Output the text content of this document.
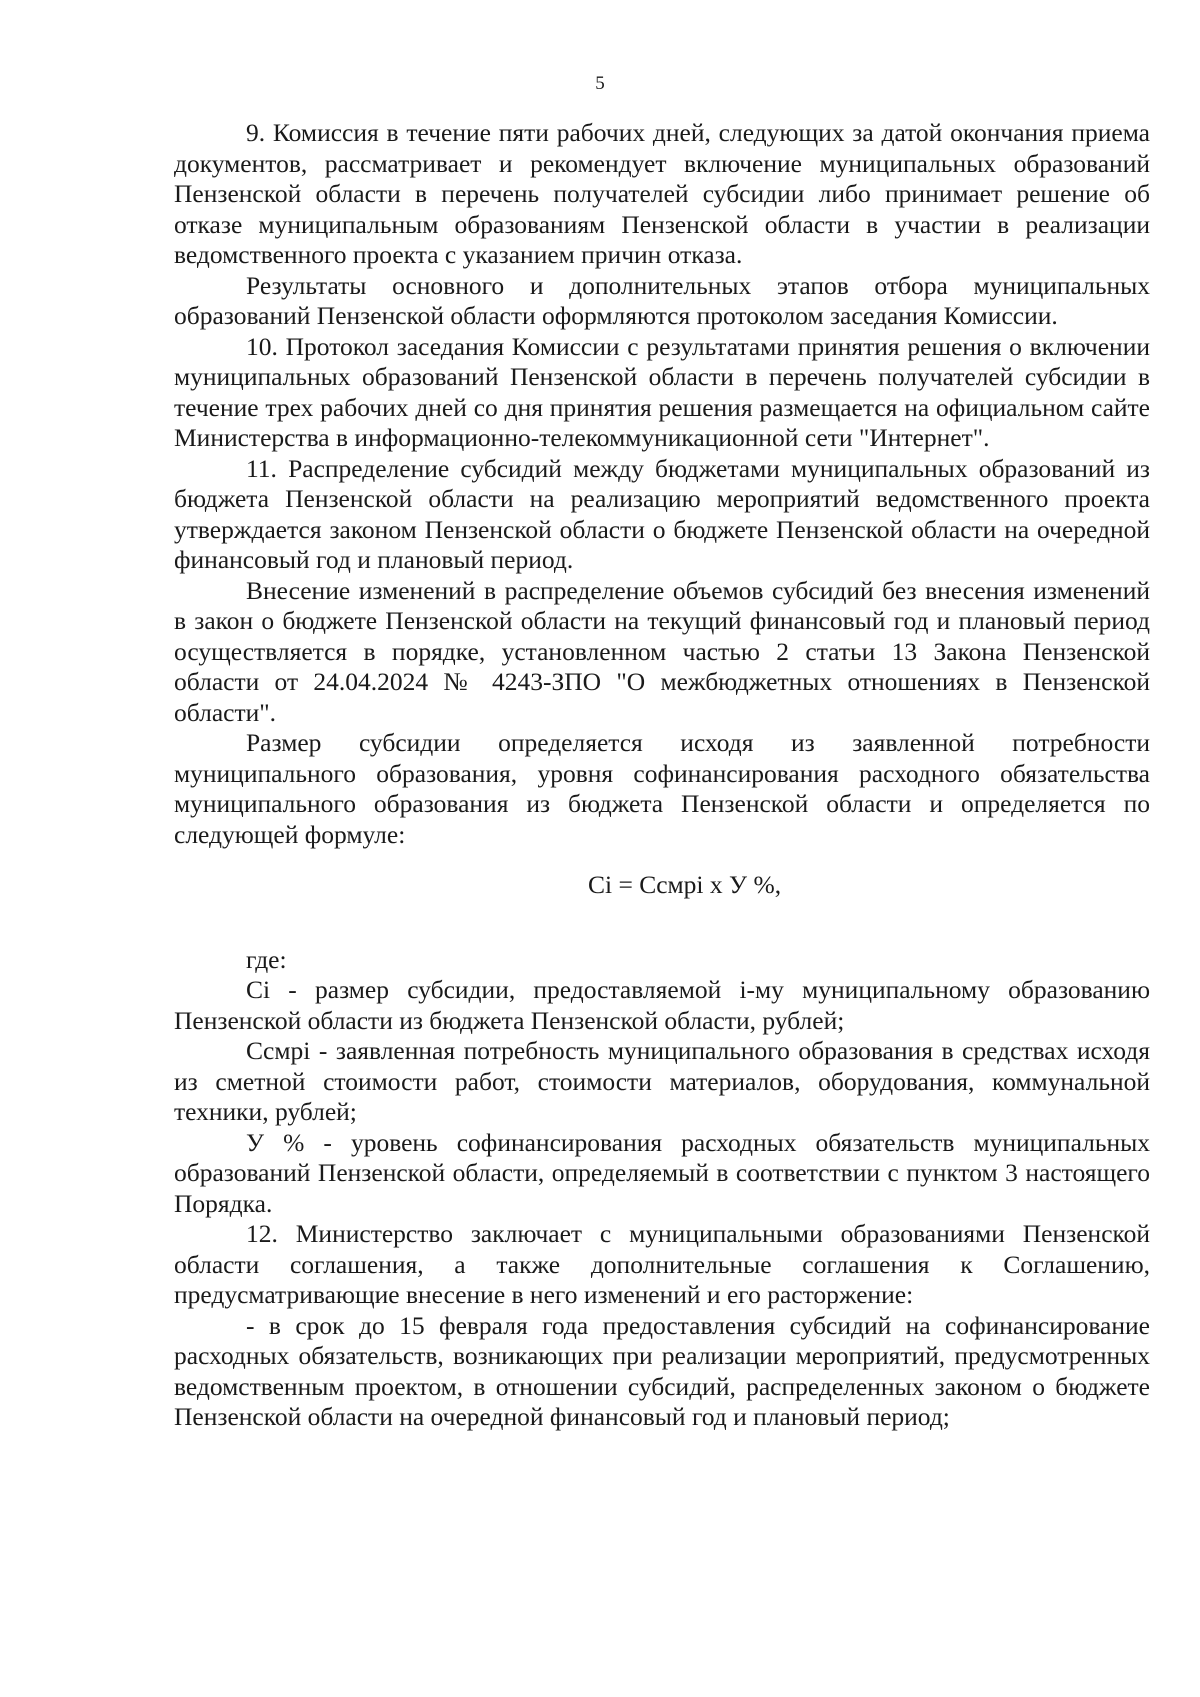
5

9. Комиссия в течение пяти рабочих дней, следующих за датой окончания приема документов, рассматривает и рекомендует включение муниципальных образований Пензенской области в перечень получателей субсидии либо принимает решение об отказе муниципальным образованиям Пензенской области в участии в реализации ведомственного проекта с указанием причин отказа.

Результаты основного и дополнительных этапов отбора муниципальных образований Пензенской области оформляются протоколом заседания Комиссии.

10. Протокол заседания Комиссии с результатами принятия решения о включении муниципальных образований Пензенской области в перечень получателей субсидии в течение трех рабочих дней со дня принятия решения размещается на официальном сайте Министерства в информационно-телекоммуникационной сети "Интернет".

11. Распределение субсидий между бюджетами муниципальных образований из бюджета Пензенской области на реализацию мероприятий ведомственного проекта утверждается законом Пензенской области о бюджете Пензенской области на очередной финансовый год и плановый период.

Внесение изменений в распределение объемов субсидий без внесения изменений в закон о бюджете Пензенской области на текущий финансовый год и плановый период осуществляется в порядке, установленном частью 2 статьи 13 Закона Пензенской области от 24.04.2024 № 4243-ЗПО "О межбюджетных отношениях в Пензенской области".

Размер субсидии определяется исходя из заявленной потребности муниципального образования, уровня софинансирования расходного обязательства муниципального образования из бюджета Пензенской области и определяется по следующей формуле:

Ci = Ccмpi x У %,

где:

Ci - размер субсидии, предоставляемой i-му муниципальному образованию Пензенской области из бюджета Пензенской области, рублей;

Ccмpi - заявленная потребность муниципального образования в средствах исходя из сметной стоимости работ, стоимости материалов, оборудования, коммунальной техники, рублей;

У % - уровень софинансирования расходных обязательств муниципальных образований Пензенской области, определяемый в соответствии с пунктом 3 настоящего Порядка.

12. Министерство заключает с муниципальными образованиями Пензенской области соглашения, а также дополнительные соглашения к Соглашению, предусматривающие внесение в него изменений и его расторжение:

- в срок до 15 февраля года предоставления субсидий на софинансирование расходных обязательств, возникающих при реализации мероприятий, предусмотренных ведомственным проектом, в отношении субсидий, распределенных законом о бюджете Пензенской области на очередной финансовый год и плановый период;
